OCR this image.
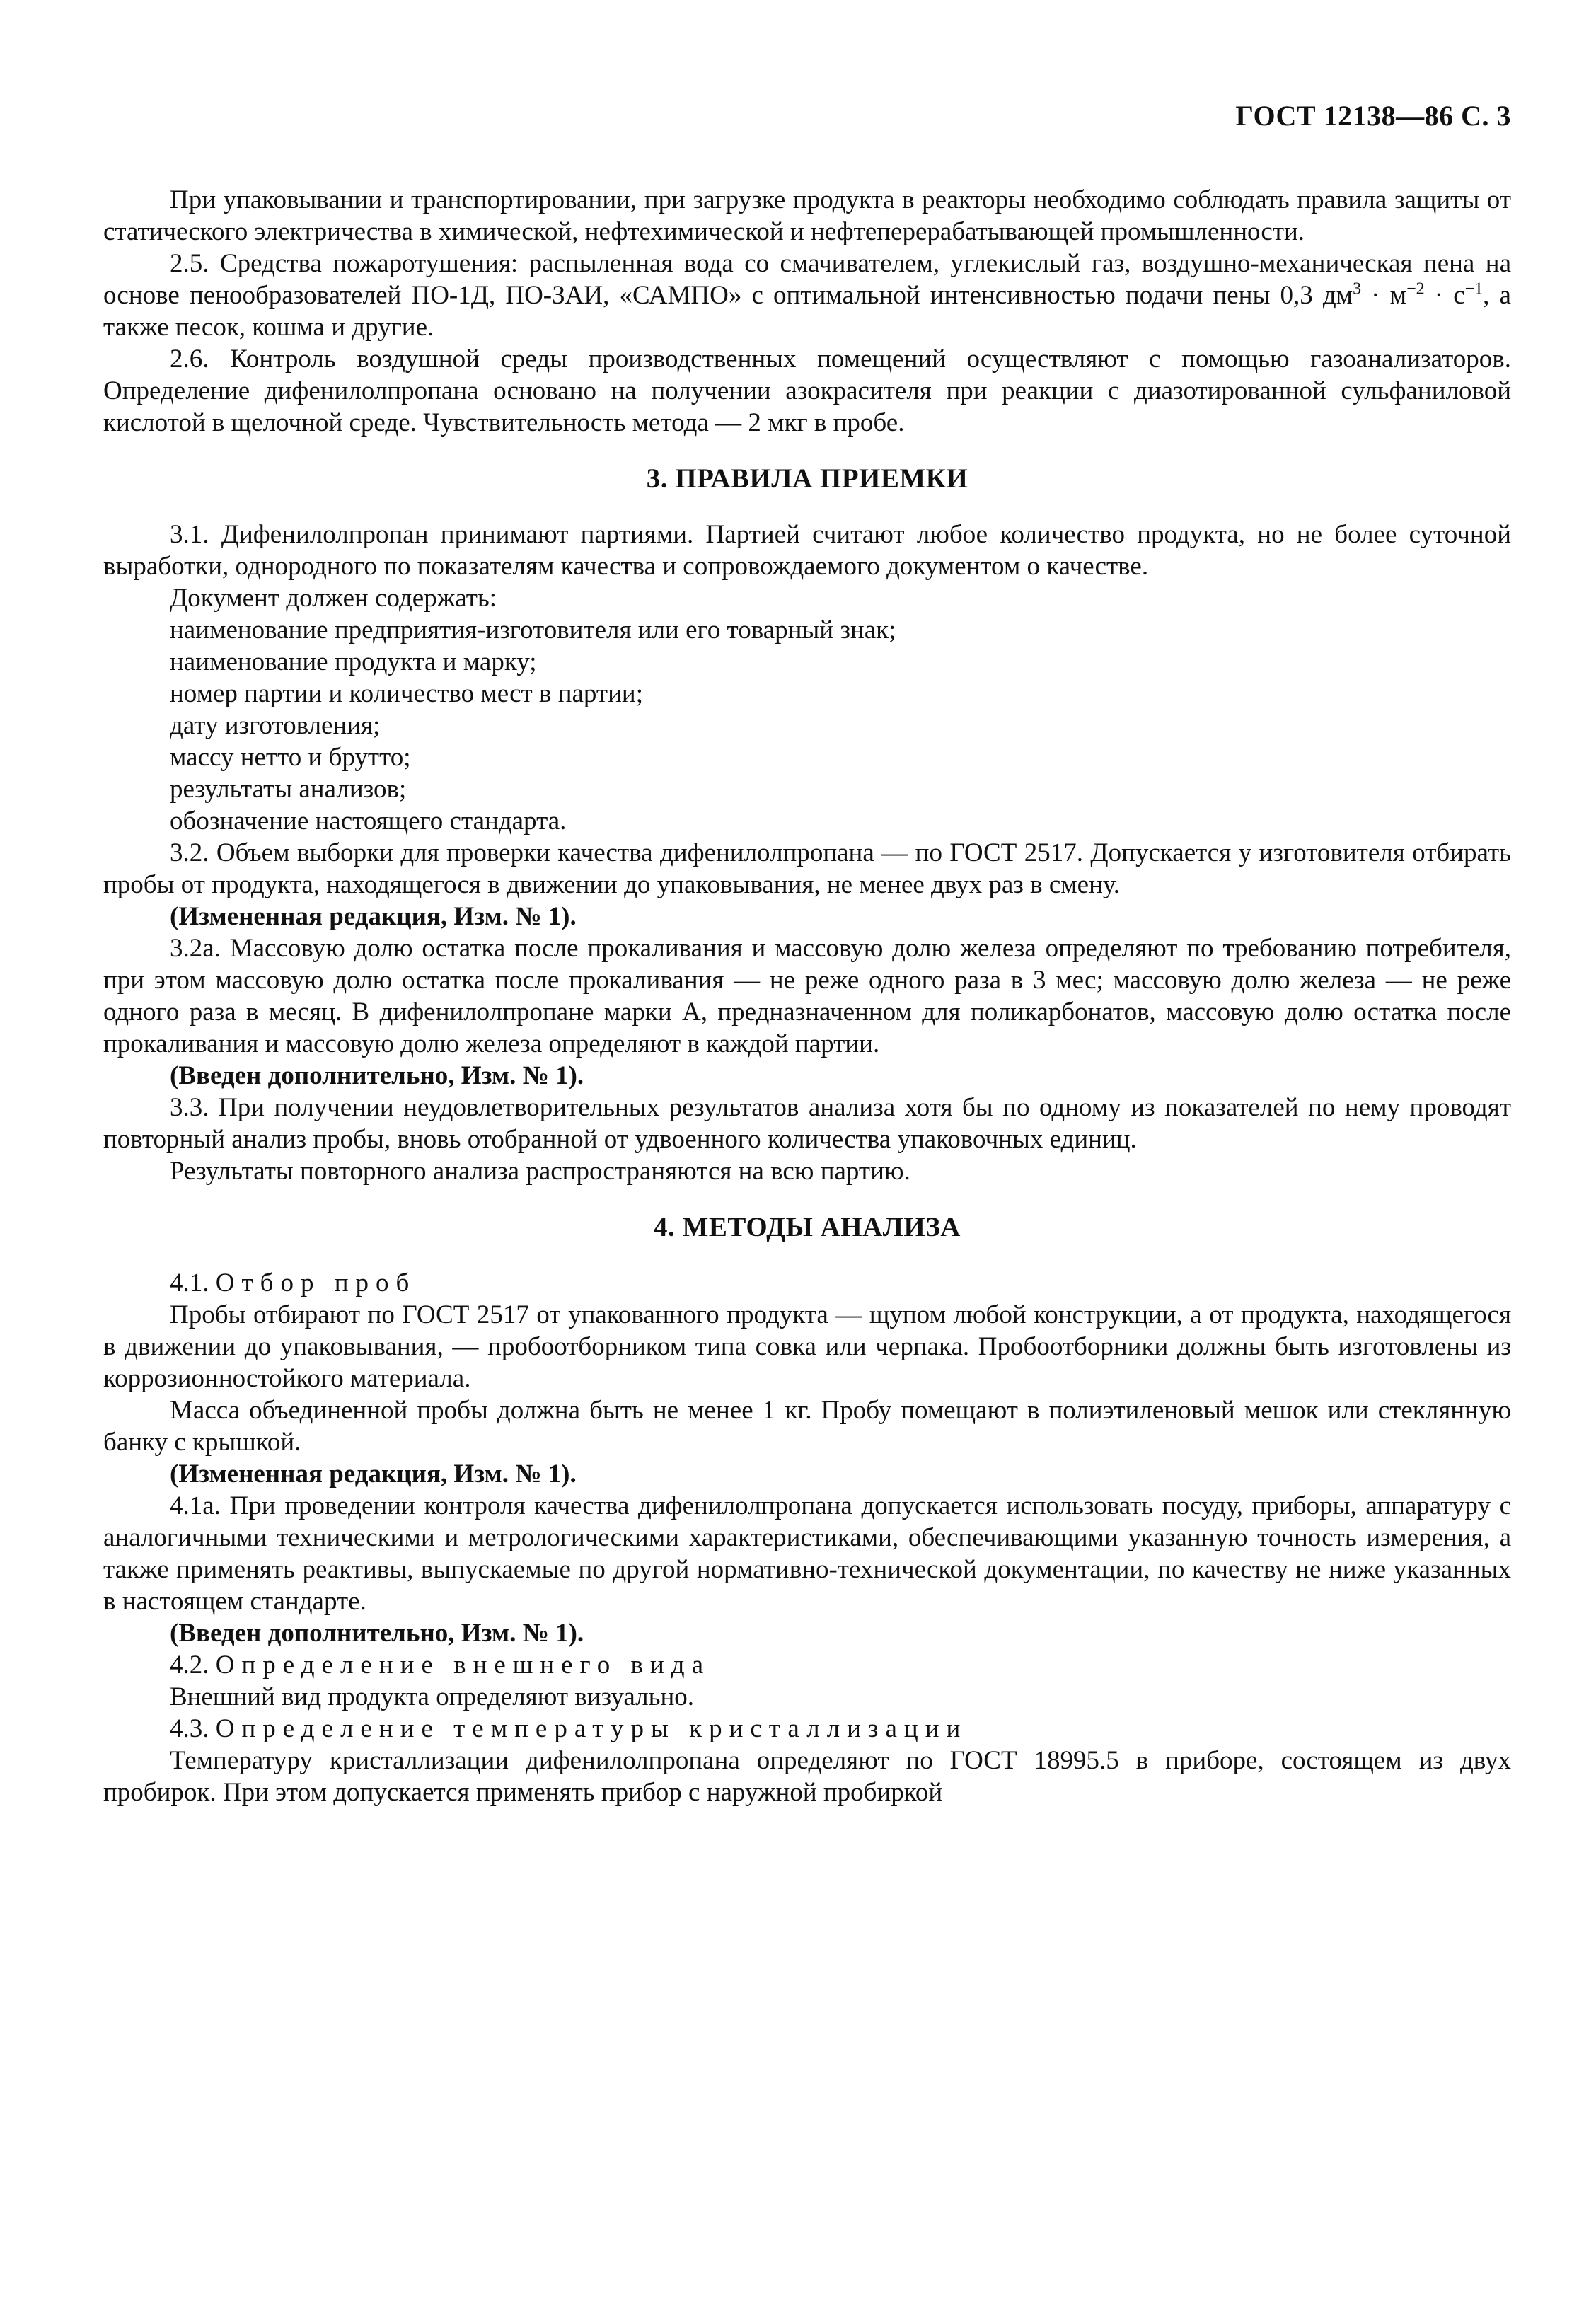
ГОСТ 12138—86 С. 3

При упаковывании и транспортировании, при загрузке продукта в реакторы необходимо соблюдать правила защиты от статического электричества в химической, нефтехимической и нефтеперерабатывающей промышленности.

2.5. Средства пожаротушения: распыленная вода со смачивателем, углекислый газ, воздушно-механическая пена на основе пенообразователей ПО-1Д, ПО-ЗАИ, «САМПО» с оптимальной интенсивностью подачи пены 0,3 $дм^3 \cdot м^{-2} \cdot с^{-1}$, а также песок, кошма и другие.

2.6. Контроль воздушной среды производственных помещений осуществляют с помощью газоанализаторов. Определение дифенилолпропана основано на получении азокрасителя при реакции с диазотированной сульфаниловой кислотой в щелочной среде. Чувствительность метода — 2 мкг в пробе.

3. ПРАВИЛА ПРИЕМКИ

3.1. Дифенилолпропан принимают партиями. Партией считают любое количество продукта, но не более суточной выработки, однородного по показателям качества и сопровождаемого документом о качестве.

Документ должен содержать:

наименование предприятия-изготовителя или его товарный знак;

наименование продукта и марку;

номер партии и количество мест в партии;

дату изготовления;

массу нетто и брутто;

результаты анализов;

обозначение настоящего стандарта.

3.2. Объем выборки для проверки качества дифенилолпропана — по ГОСТ 2517. Допускается у изготовителя отбирать пробы от продукта, находящегося в движении до упаковывания, не менее двух раз в смену.

(Измененная редакция, Изм. № 1).

3.2а. Массовую долю остатка после прокаливания и массовую долю железа определяют по требованию потребителя, при этом массовую долю остатка после прокаливания — не реже одного раза в 3 мес; массовую долю железа — не реже одного раза в месяц. В дифенилолпропане марки А, предназначенном для поликарбонатов, массовую долю остатка после прокаливания и массовую долю железа определяют в каждой партии.

(Введен дополнительно, Изм. № 1).

3.3. При получении неудовлетворительных результатов анализа хотя бы по одному из показателей по нему проводят повторный анализ пробы, вновь отобранной от удвоенного количества упаковочных единиц.

Результаты повторного анализа распространяются на всю партию.

4. МЕТОДЫ АНАЛИЗА

4.1. Отбор проб

Пробы отбирают по ГОСТ 2517 от упакованного продукта — щупом любой конструкции, а от продукта, находящегося в движении до упаковывания, — пробоотборником типа совка или черпака. Пробоотборники должны быть изготовлены из коррозионностойкого материала.

Масса объединенной пробы должна быть не менее 1 кг. Пробу помещают в полиэтиленовый мешок или стеклянную банку с крышкой.

(Измененная редакция, Изм. № 1).

4.1а. При проведении контроля качества дифенилолпропана допускается использовать посуду, приборы, аппаратуру с аналогичными техническими и метрологическими характеристиками, обеспечивающими указанную точность измерения, а также применять реактивы, выпускаемые по другой нормативно-технической документации, по качеству не ниже указанных в настоящем стандарте.

(Введен дополнительно, Изм. № 1).

4.2. Определение внешнего вида

Внешний вид продукта определяют визуально.

4.3. Определение температуры кристаллизации

Температуру кристаллизации дифенилолпропана определяют по ГОСТ 18995.5 в приборе, состоящем из двух пробирок. При этом допускается применять прибор с наружной пробиркой
